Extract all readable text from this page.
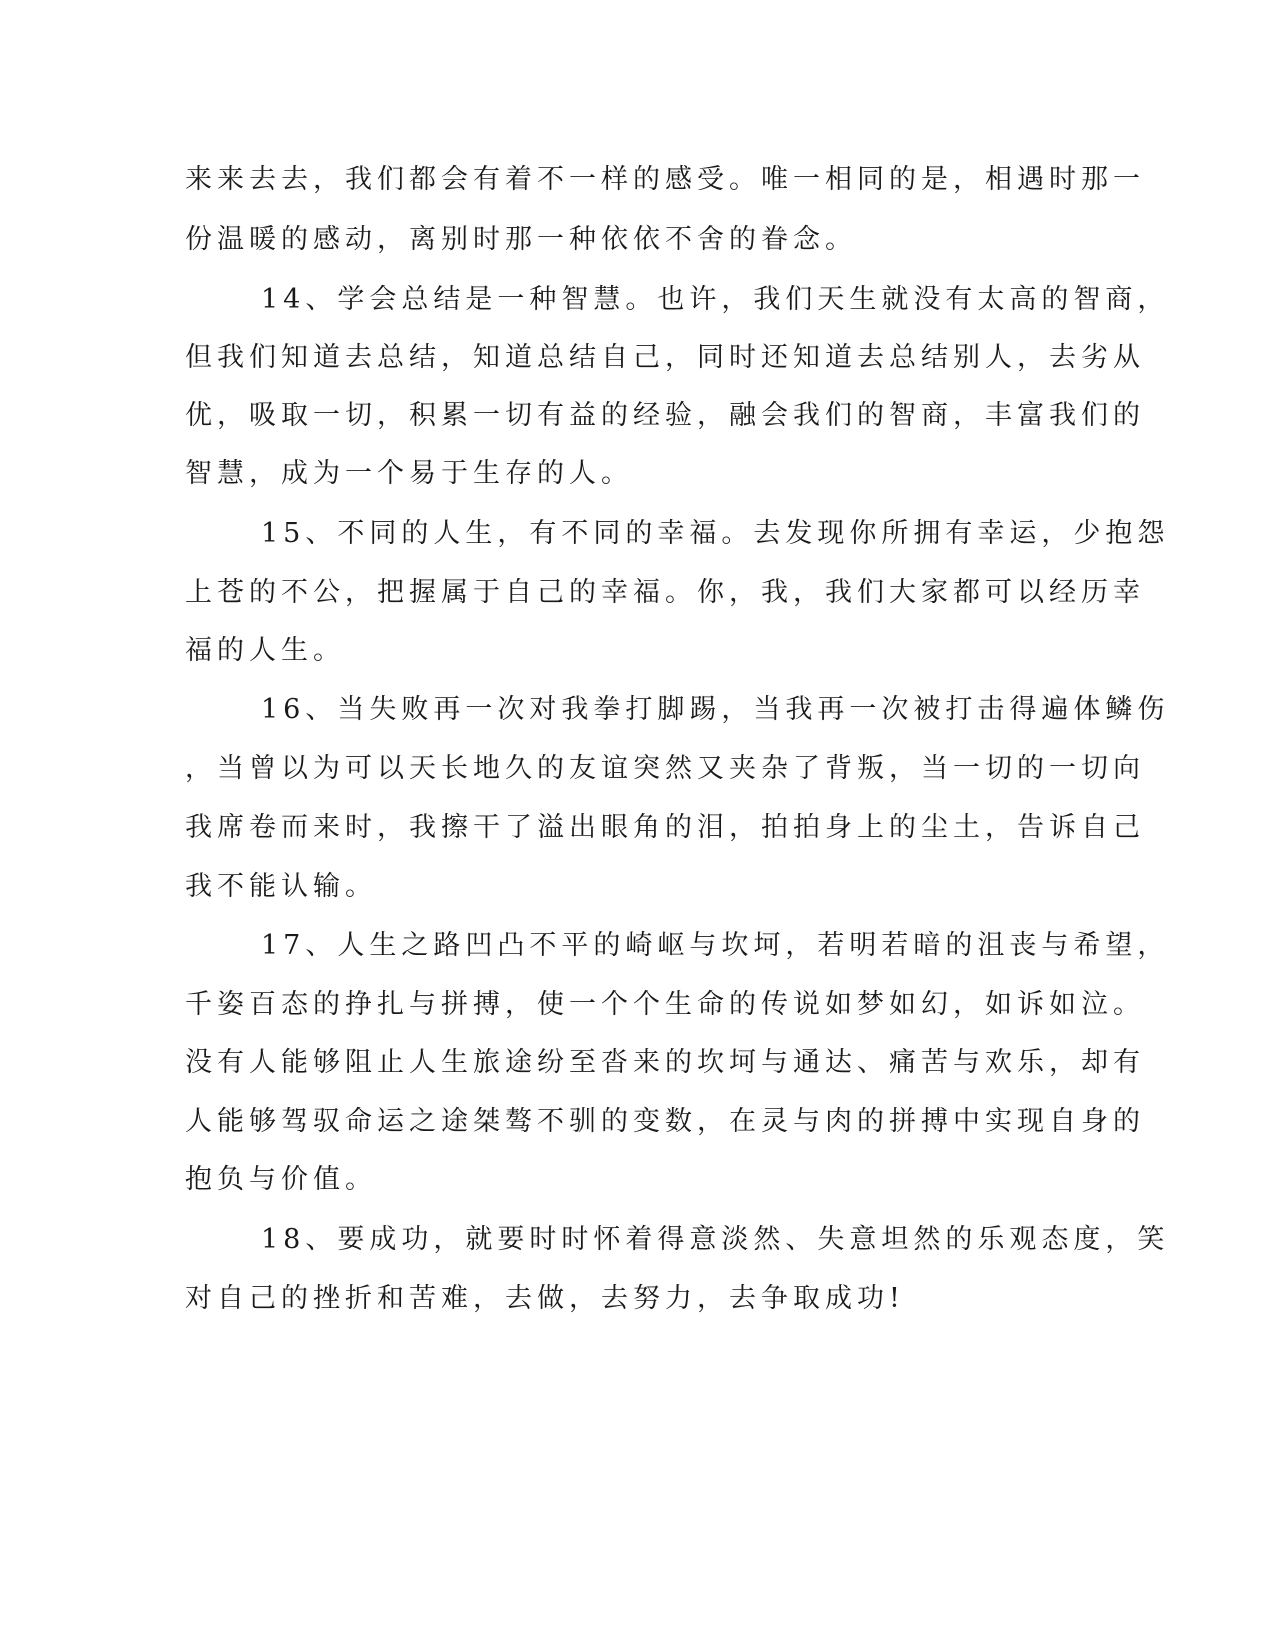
来来去去，我们都会有着不一样的感受。唯一相同的是，相遇时那一
份温暖的感动，离别时那一种依依不舍的眷念。
14、学会总结是一种智慧。也许，我们天生就没有太高的智商，
但我们知道去总结，知道总结自己，同时还知道去总结别人，去劣从
优，吸取一切，积累一切有益的经验，融会我们的智商，丰富我们的
智慧，成为一个易于生存的人。
15、不同的人生，有不同的幸福。去发现你所拥有幸运，少抱怨
上苍的不公，把握属于自己的幸福。你，我，我们大家都可以经历幸
福的人生。
16、当失败再一次对我拳打脚踢，当我再一次被打击得遍体鳞伤
，当曾以为可以天长地久的友谊突然又夹杂了背叛，当一切的一切向
我席卷而来时，我擦干了溢出眼角的泪，拍拍身上的尘土，告诉自己
我不能认输。
17、人生之路凹凸不平的崎岖与坎坷，若明若暗的沮丧与希望，
千姿百态的挣扎与拼搏，使一个个生命的传说如梦如幻，如诉如泣。
没有人能够阻止人生旅途纷至沓来的坎坷与通达、痛苦与欢乐，却有
人能够驾驭命运之途桀骜不驯的变数，在灵与肉的拼搏中实现自身的
抱负与价值。
18、要成功，就要时时怀着得意淡然、失意坦然的乐观态度，笑
对自己的挫折和苦难，去做，去努力，去争取成功!
